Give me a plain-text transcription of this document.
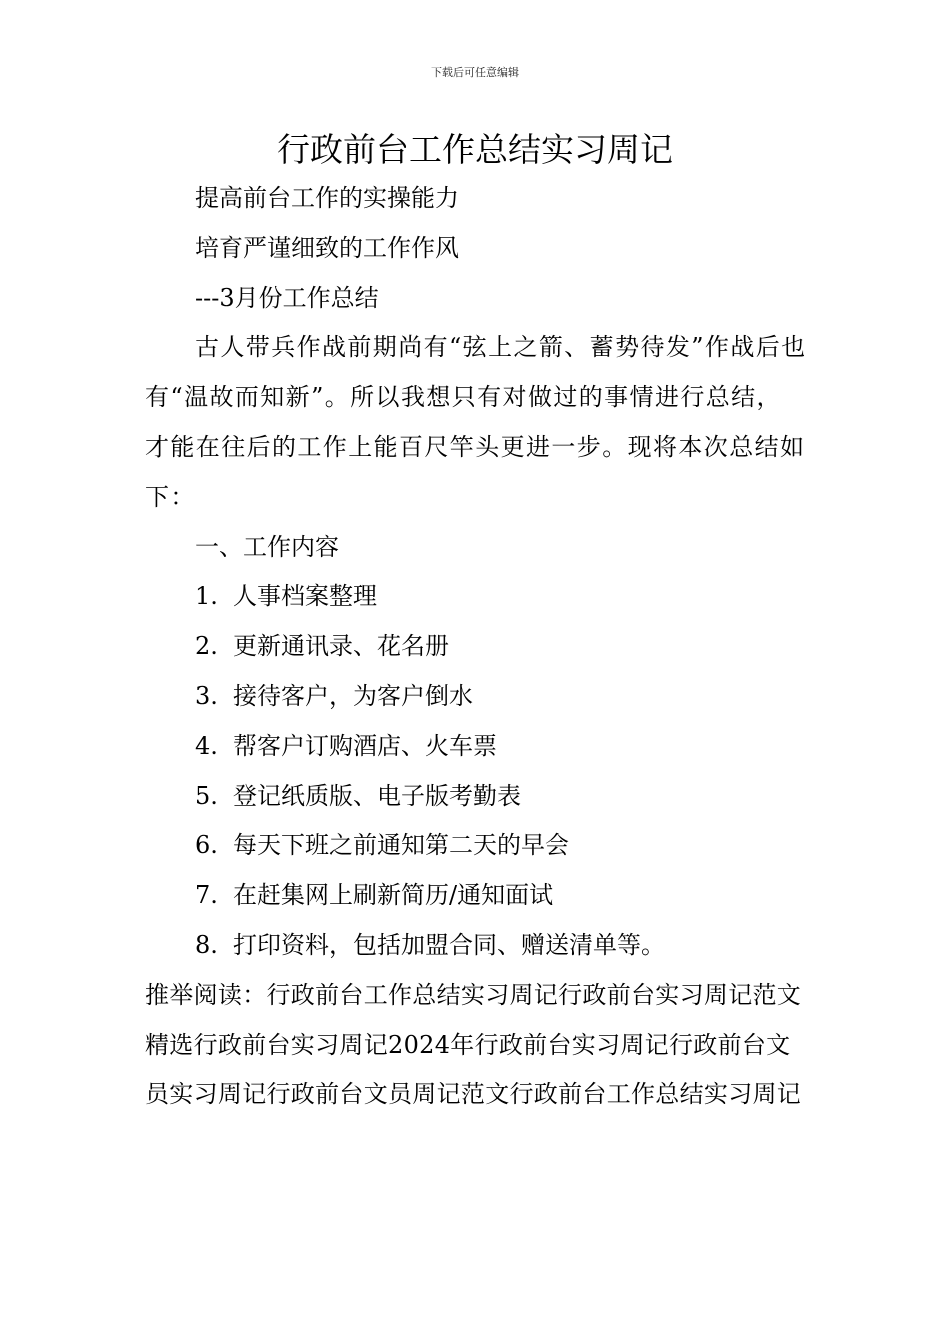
下载后可任意编辑
行政前台工作总结实习周记

提高前台工作的实操能力

培育严谨细致的工作作风

---3月份工作总结

古人带兵作战前期尚有“弦上之箭、蓄势待发”作战后也有“温故而知新”。所以我想只有对做过的事情进行总结，才能在往后的工作上能百尺竿头更进一步。现将本次总结如下：

一、工作内容

1. 人事档案整理

2. 更新通讯录、花名册

3. 接待客户，为客户倒水

4. 帮客户订购酒店、火车票

5. 登记纸质版、电子版考勤表

6. 每天下班之前通知第二天的早会

7. 在赶集网上刷新简历/通知面试

8. 打印资料，包括加盟合同、赠送清单等。

推举阅读：行政前台工作总结实习周记行政前台实习周记范文精选行政前台实习周记2024年行政前台实习周记行政前台文员实习周记行政前台文员周记范文行政前台工作总结实习周记
